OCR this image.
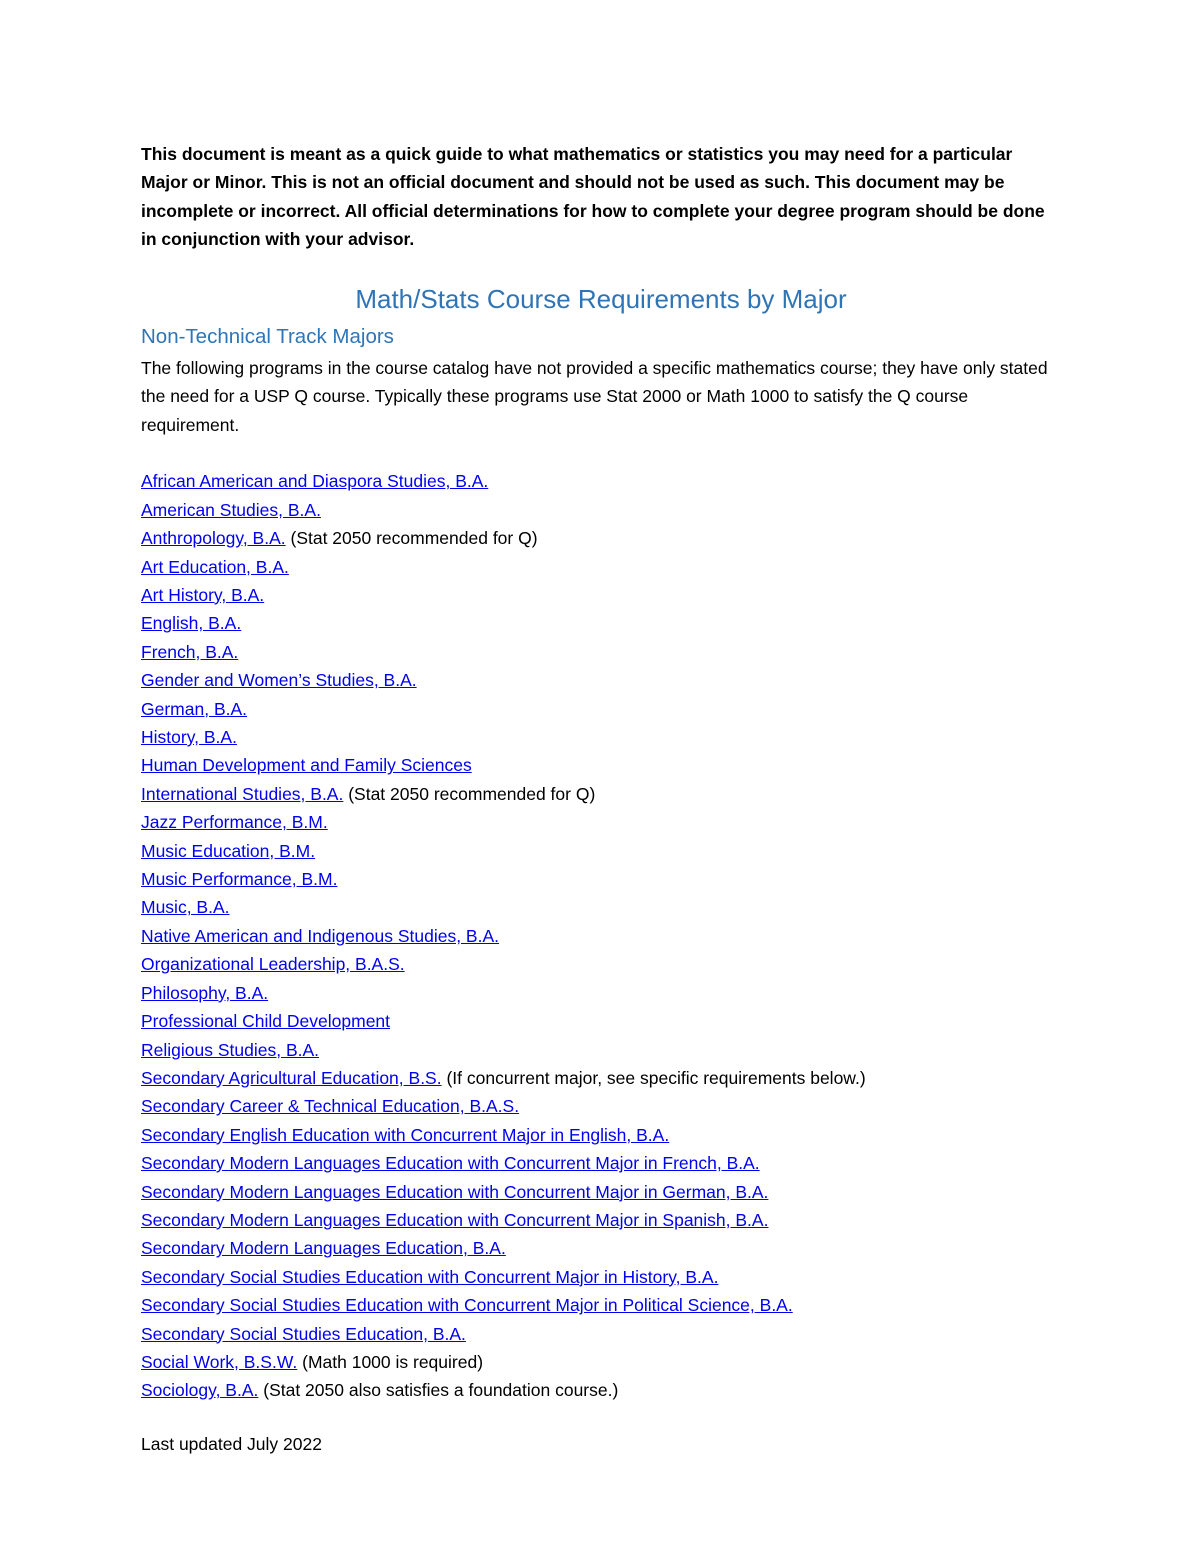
This document is meant as a quick guide to what mathematics or statistics you may need for a particular Major or Minor. This is not an official document and should not be used as such. This document may be incomplete or incorrect. All official determinations for how to complete your degree program should be done in conjunction with your advisor.

Math/Stats Course Requirements by Major
Non-Technical Track Majors

The following programs in the course catalog have not provided a specific mathematics course; they have only stated the need for a USP Q course. Typically these programs use Stat 2000 or Math 1000 to satisfy the Q course requirement.

African American and Diaspora Studies, B.A.
American Studies, B.A.
Anthropology, B.A. (Stat 2050 recommended for Q)
Art Education, B.A.
Art History, B.A.
English, B.A.
French, B.A.
Gender and Women’s Studies, B.A.
German, B.A.
History, B.A.
Human Development and Family Sciences
International Studies, B.A. (Stat 2050 recommended for Q)
Jazz Performance, B.M.
Music Education, B.M.
Music Performance, B.M.
Music, B.A.
Native American and Indigenous Studies, B.A.
Organizational Leadership, B.A.S.
Philosophy, B.A.
Professional Child Development
Religious Studies, B.A.
Secondary Agricultural Education, B.S. (If concurrent major, see specific requirements below.)
Secondary Career & Technical Education, B.A.S.
Secondary English Education with Concurrent Major in English, B.A.
Secondary Modern Languages Education with Concurrent Major in French, B.A.
Secondary Modern Languages Education with Concurrent Major in German, B.A.
Secondary Modern Languages Education with Concurrent Major in Spanish, B.A.
Secondary Modern Languages Education, B.A.
Secondary Social Studies Education with Concurrent Major in History, B.A.
Secondary Social Studies Education with Concurrent Major in Political Science, B.A.
Secondary Social Studies Education, B.A.
Social Work, B.S.W. (Math 1000 is required)
Sociology, B.A. (Stat 2050 also satisfies a foundation course.)

Last updated July 2022
